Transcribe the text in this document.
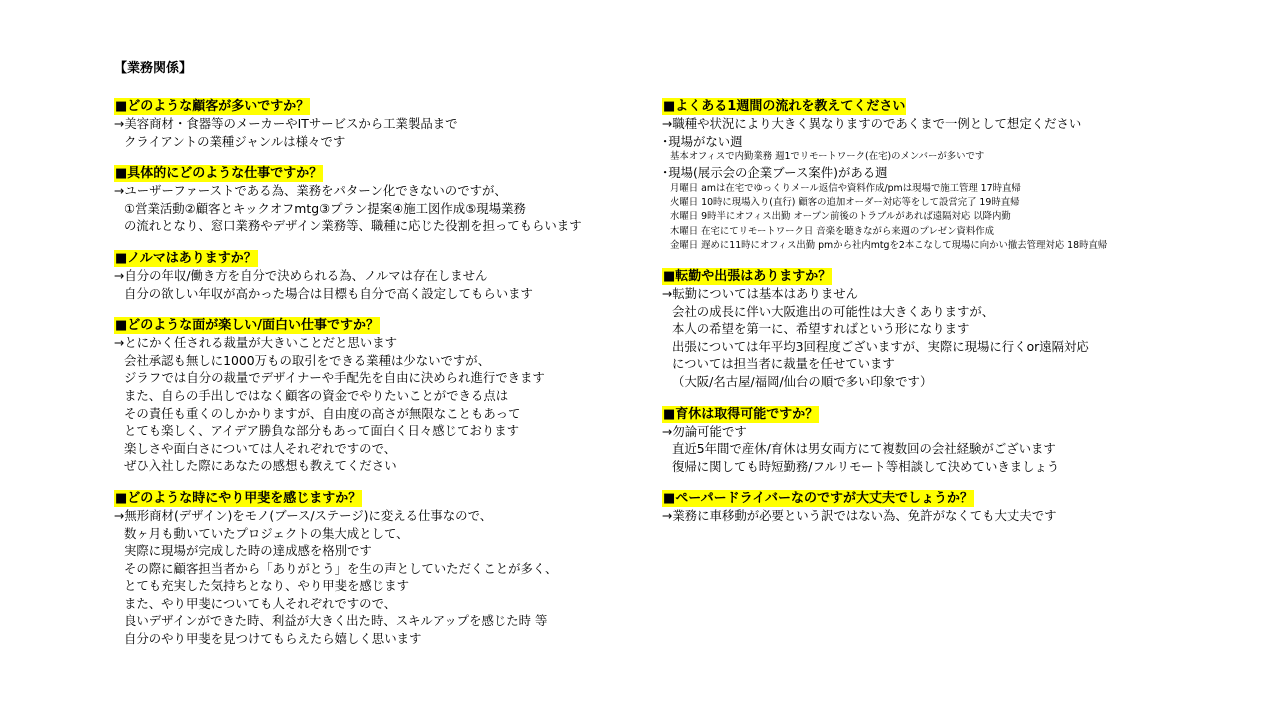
【業務関係】
■どのような顧客が多いですか？
→美容商材・食器等のメーカーやITサービスから工業製品まで
クライアントの業種ジャンルは様々です
■具体的にどのような仕事ですか？
→ユーザーファーストである為、業務をパターン化できないのですが、
①営業活動②顧客とキックオフmtg③プラン提案④施工図作成⑤現場業務
の流れとなり、窓口業務やデザイン業務等、職種に応じた役割を担ってもらいます
■ノルマはありますか？
→自分の年収/働き方を自分で決められる為、ノルマは存在しません
自分の欲しい年収が高かった場合は目標も自分で高く設定してもらいます
■どのような面が楽しい/面白い仕事ですか？
→とにかく任される裁量が大きいことだと思います
会社承認も無しに1000万もの取引をできる業種は少ないですが、
ジラフでは自分の裁量でデザイナーや手配先を自由に決められ進行できます
また、自らの手出しではなく顧客の資金でやりたいことができる点は
その責任も重くのしかかりますが、自由度の高さが無限なこともあって
とても楽しく、アイデア勝負な部分もあって面白く日々感じております
楽しさや面白さについては人それぞれですので、
ぜひ入社した際にあなたの感想も教えてください
■どのような時にやり甲斐を感じますか？
→無形商材(デザイン)をモノ(ブース/ステージ)に変える仕事なので、
数ヶ月も動いていたプロジェクトの集大成として、
実際に現場が完成した時の達成感を格別です
その際に顧客担当者から「ありがとう」を生の声としていただくことが多く、
とても充実した気持ちとなり、やり甲斐を感じます
また、やり甲斐についても人それぞれですので、
良いデザインができた時、利益が大きく出た時、スキルアップを感じた時 等
自分のやり甲斐を見つけてもらえたら嬉しく思います
■よくある1週間の流れを教えてください
→職種や状況により大きく異なりますのであくまで一例として想定ください
･現場がない週
基本オフィスで内勤業務 週1でリモートワーク(在宅)のメンバーが多いです
･現場(展示会の企業ブース案件)がある週
月曜日 amは在宅でゆっくりメール返信や資料作成/pmは現場で施工管理 17時直帰
火曜日 10時に現場入り(直行) 顧客の追加オーダー対応等をして設営完了 19時直帰
水曜日 9時半にオフィス出勤 オープン前後のトラブルがあれば遠隔対応 以降内勤
木曜日 在宅にてリモートワーク日 音楽を聴きながら来週のプレゼン資料作成
金曜日 遅めに11時にオフィス出勤 pmから社内mtgを2本こなして現場に向かい撤去管理対応 18時直帰
■転勤や出張はありますか？
→転勤については基本はありません
会社の成長に伴い大阪進出の可能性は大きくありますが、
本人の希望を第一に、希望すればという形になります
出張については年平均3回程度ございますが、実際に現場に行くor遠隔対応
については担当者に裁量を任せています
（大阪/名古屋/福岡/仙台の順で多い印象です）
■育休は取得可能ですか？
→勿論可能です
直近5年間で産休/育休は男女両方にて複数回の会社経験がございます
復帰に関しても時短勤務/フルリモート等相談して決めていきましょう
■ペーパードライバーなのですが大丈夫でしょうか？
→業務に車移動が必要という訳ではない為、免許がなくても大丈夫です
